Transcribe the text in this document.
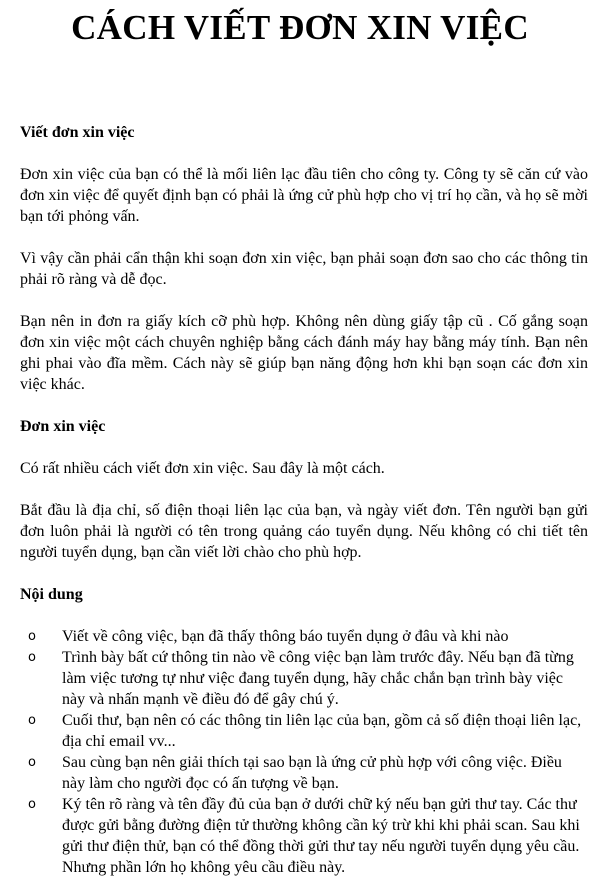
CÁCH VIẾT ĐƠN XIN VIỆC
Viết đơn xin việc

Đơn xin việc của bạn có thể là mối liên lạc đầu tiên cho công ty. Công ty sẽ căn cứ vào đơn xin việc để quyết định bạn có phải là ứng cử phù hợp cho vị trí họ cần, và họ sẽ mời bạn tới phỏng vấn.

Vì vậy cần phải cẩn thận khi soạn đơn xin việc, bạn phải soạn đơn sao cho các thông tin phải rõ ràng và dễ đọc.

Bạn nên in đơn ra giấy kích cỡ phù hợp. Không nên dùng giấy tập cũ . Cố gắng soạn đơn xin việc một cách chuyên nghiệp bằng cách đánh máy hay bằng máy tính. Bạn nên ghi phai vào đĩa mềm. Cách này sẽ giúp bạn năng động hơn khi bạn soạn các đơn xin việc khác.

Đơn xin việc

Có rất nhiều cách viết đơn xin việc. Sau đây là một cách.

Bắt đầu là địa chỉ, số điện thoại liên lạc của bạn, và ngày viết đơn. Tên người bạn gửi đơn luôn phải là người có tên trong quảng cáo tuyển dụng. Nếu không có chi tiết tên người tuyển dụng, bạn cần viết lời chào cho phù hợp.

Nội dung
o Viết về công việc, bạn đã thấy thông báo tuyển dụng ở đâu và khi nào
o Trình bày bất cứ thông tin nào về công việc bạn làm trước đây. Nếu bạn đã từng làm việc tương tự như việc đang tuyển dụng, hãy chắc chắn bạn trình bày việc này và nhấn mạnh về điều đó để gây chú ý.
o Cuối thư, bạn nên có các thông tin liên lạc của bạn, gồm cả số điện thoại liên lạc, địa chỉ email vv...
o Sau cùng bạn nên giải thích tại sao bạn là ứng cử phù hợp với công việc. Điều này làm cho người đọc có ấn tượng về bạn.
o Ký tên rõ ràng và tên đầy đủ của bạn ở dưới chữ ký nếu bạn gửi thư tay. Các thư được gửi bằng đường điện tử thường không cần ký trừ khi khi phải scan. Sau khi gửi thư điện thử, bạn có thể đồng thời gửi thư tay nếu người tuyển dụng yêu cầu. Nhưng phần lớn họ không yêu cầu điều này.
